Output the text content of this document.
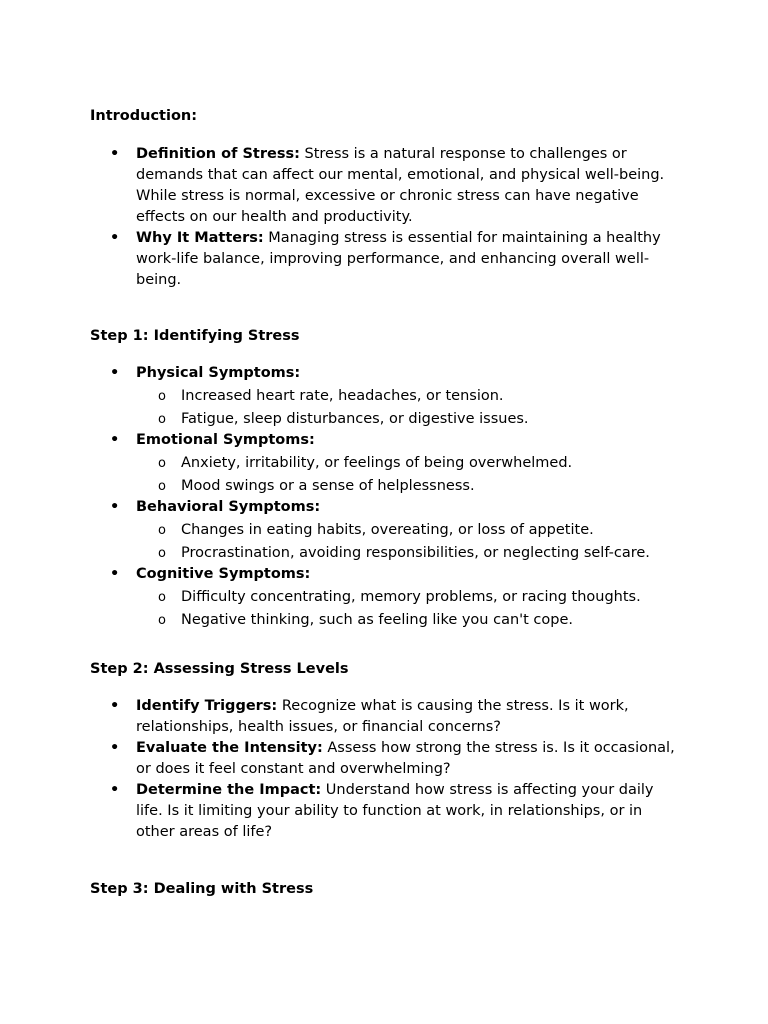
Introduction:
• Definition of Stress: Stress is a natural response to challenges or demands that can affect our mental, emotional, and physical well-being. While stress is normal, excessive or chronic stress can have negative effects on our health and productivity.
• Why It Matters: Managing stress is essential for maintaining a healthy work-life balance, improving performance, and enhancing overall well-being.
Step 1: Identifying Stress
• Physical Symptoms:
o Increased heart rate, headaches, or tension.
o Fatigue, sleep disturbances, or digestive issues.
• Emotional Symptoms:
o Anxiety, irritability, or feelings of being overwhelmed.
o Mood swings or a sense of helplessness.
• Behavioral Symptoms:
o Changes in eating habits, overeating, or loss of appetite.
o Procrastination, avoiding responsibilities, or neglecting self-care.
• Cognitive Symptoms:
o Difficulty concentrating, memory problems, or racing thoughts.
o Negative thinking, such as feeling like you can't cope.
Step 2: Assessing Stress Levels
• Identify Triggers: Recognize what is causing the stress. Is it work, relationships, health issues, or financial concerns?
• Evaluate the Intensity: Assess how strong the stress is. Is it occasional, or does it feel constant and overwhelming?
• Determine the Impact: Understand how stress is affecting your daily life. Is it limiting your ability to function at work, in relationships, or in other areas of life?
Step 3: Dealing with Stress
